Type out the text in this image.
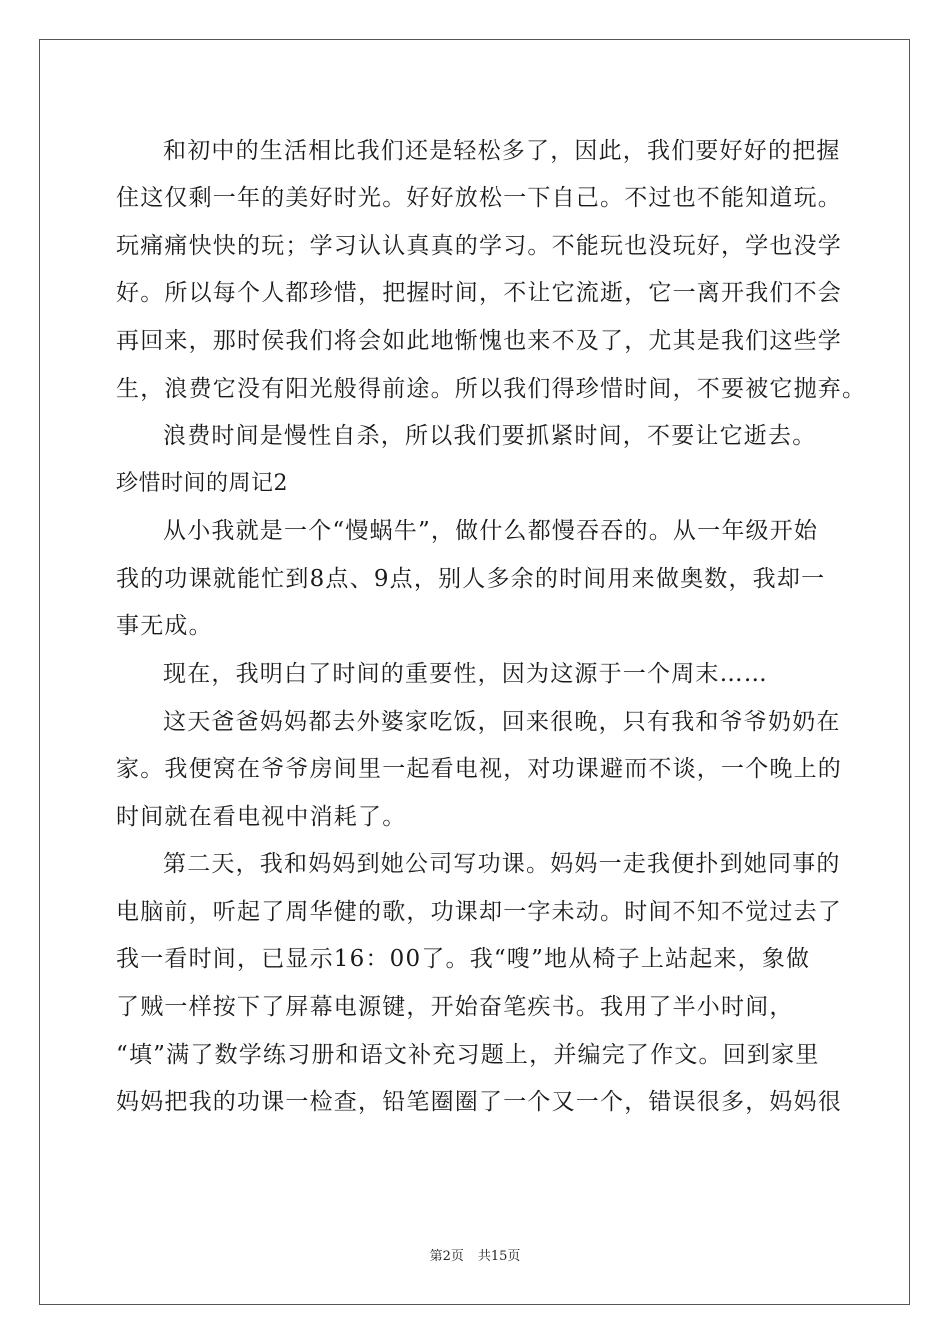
和初中的生活相比我们还是轻松多了，因此，我们要好好的把握
住这仅剩一年的美好时光。好好放松一下自己。不过也不能知道玩。
玩痛痛快快的玩；学习认认真真的学习。不能玩也没玩好，学也没学
好。所以每个人都珍惜，把握时间，不让它流逝，它一离开我们不会
再回来，那时侯我们将会如此地惭愧也来不及了，尤其是我们这些学
生，浪费它没有阳光般得前途。所以我们得珍惜时间，不要被它抛弃。
浪费时间是慢性自杀，所以我们要抓紧时间，不要让它逝去。
珍惜时间的周记2
从小我就是一个“慢蜗牛”，做什么都慢吞吞的。从一年级开始
我的功课就能忙到8点、9点，别人多余的时间用来做奥数，我却一
事无成。
现在，我明白了时间的重要性，因为这源于一个周末……
这天爸爸妈妈都去外婆家吃饭，回来很晚，只有我和爷爷奶奶在
家。我便窝在爷爷房间里一起看电视，对功课避而不谈，一个晚上的
时间就在看电视中消耗了。
第二天，我和妈妈到她公司写功课。妈妈一走我便扑到她同事的
电脑前，听起了周华健的歌，功课却一字未动。时间不知不觉过去了
我一看时间，已显示16：00了。我“嗖”地从椅子上站起来，象做
了贼一样按下了屏幕电源键，开始奋笔疾书。我用了半小时间，
“填”满了数学练习册和语文补充习题上，并编完了作文。回到家里
妈妈把我的功课一检查，铅笔圈圈了一个又一个，错误很多，妈妈很
第2页 共15页
